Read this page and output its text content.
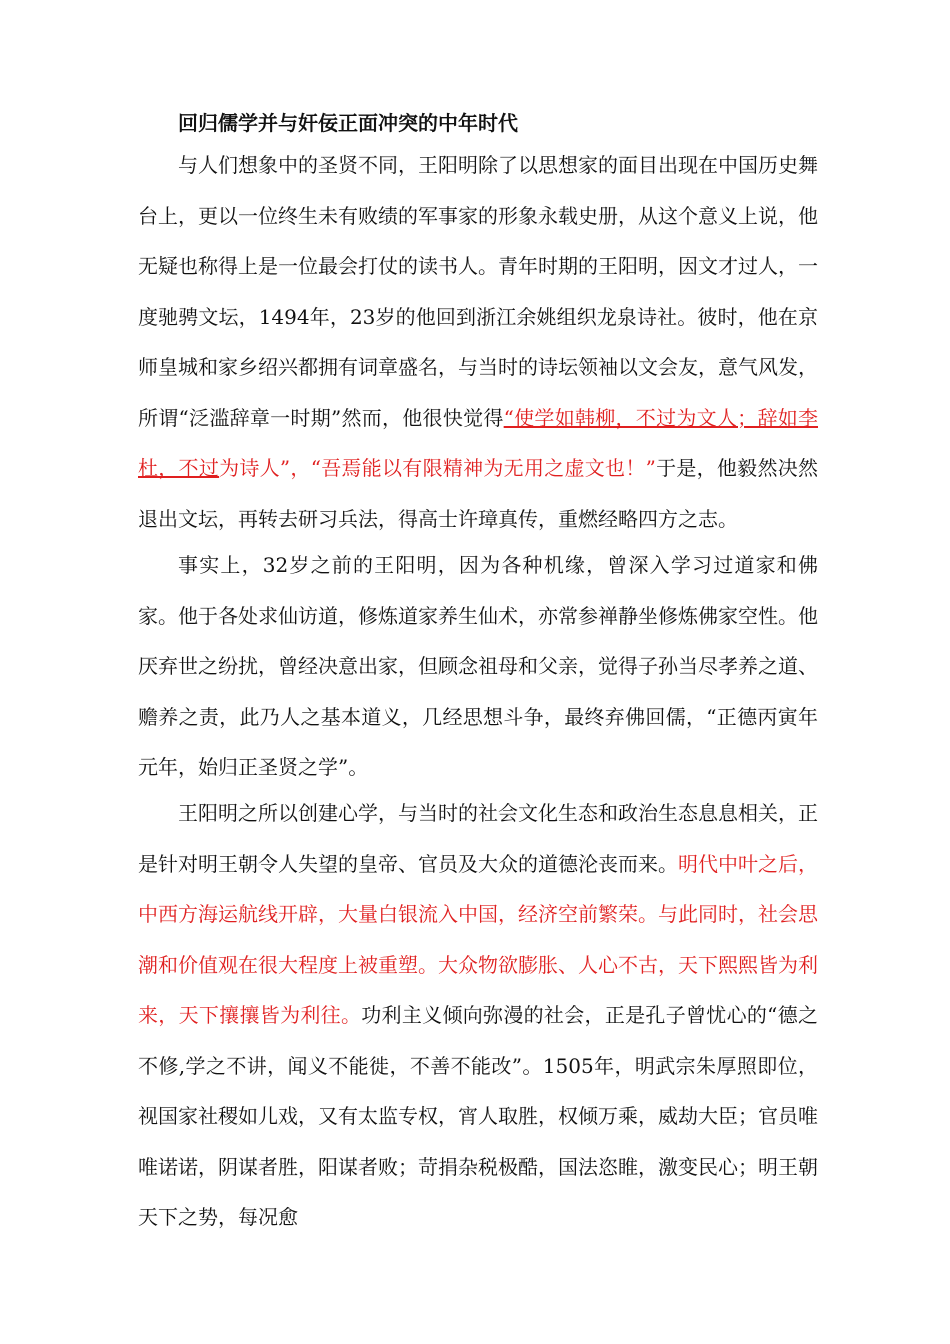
回归儒学并与奸佞正面冲突的中年时代

与人们想象中的圣贤不同，王阳明除了以思想家的面目出现在中国历史舞台上，更以一位终生未有败绩的军事家的形象永载史册，从这个意义上说，他无疑也称得上是一位最会打仗的读书人。青年时期的王阳明，因文才过人，一度驰骋文坛，1494年，23岁的他回到浙江余姚组织龙泉诗社。彼时，他在京师皇城和家乡绍兴都拥有词章盛名，与当时的诗坛领袖以文会友，意气风发，所谓“泛滥辞章一时期”然而，他很快觉得“使学如韩柳，不过为文人；辞如李杜，不过为诗人”，“吾焉能以有限精神为无用之虚文也！”于是，他毅然决然退出文坛，再转去研习兵法，得高士许璋真传，重燃经略四方之志。

事实上，32岁之前的王阳明，因为各种机缘，曾深入学习过道家和佛家。他于各处求仙访道，修炼道家养生仙术，亦常参禅静坐修炼佛家空性。他厌弃世之纷扰，曾经决意出家，但顾念祖母和父亲，觉得子孙当尽孝养之道、赡养之责，此乃人之基本道义，几经思想斗争，最终弃佛回儒，“正德丙寅年元年，始归正圣贤之学”。

王阳明之所以创建心学，与当时的社会文化生态和政治生态息息相关，正是针对明王朝令人失望的皇帝、官员及大众的道德沦丧而来。明代中叶之后，中西方海运航线开辟，大量白银流入中国，经济空前繁荣。与此同时，社会思潮和价值观在很大程度上被重塑。大众物欲膨胀、人心不古，天下熙熙皆为利来，天下攘攘皆为利往。功利主义倾向弥漫的社会，正是孔子曾忧心的“德之不修,学之不讲，闻义不能徙，不善不能改”。1505年，明武宗朱厚照即位，视国家社稷如儿戏，又有太监专权，宵人取胜，权倾万乘，威劫大臣；官员唯唯诺诺，阴谋者胜，阳谋者败；苛捐杂税极酷，国法恣睢，激变民心；明王朝天下之势，每况愈
